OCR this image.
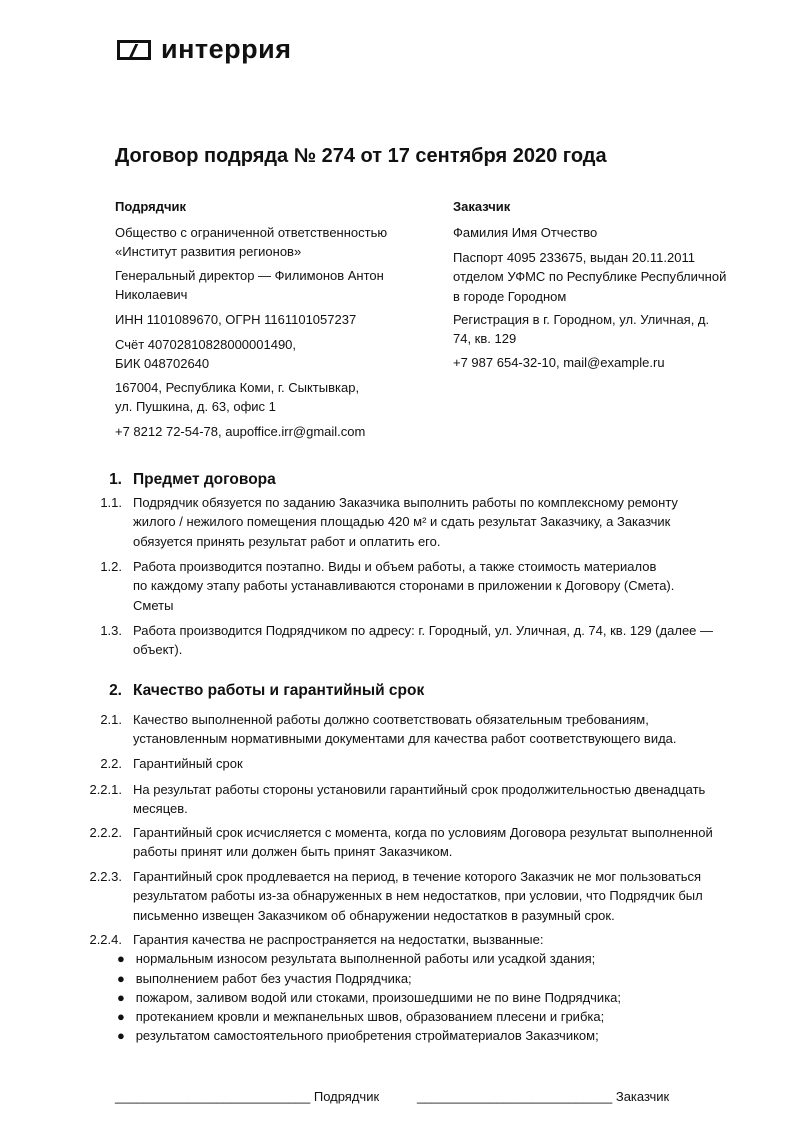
интеррия
Договор подряда № 274 от 17 сентября 2020 года
Подрядчик
Общество с ограниченной ответственностью
«Институт развития регионов»
Генеральный директор — Филимонов Антон
Николаевич
ИНН 1101089670, ОГРН 1161101057237
Счёт 40702810828000001490,
БИК 048702640
167004, Республика Коми, г. Сыктывкар,
ул. Пушкина, д. 63, офис 1
+7 8212 72-54-78, aupoffice.irr@gmail.com
Заказчик
Фамилия Имя Отчество
Паспорт 4095 233675, выдан 20.11.2011
отделом УФМС по Республике Республичной
в городе Городном
Регистрация в г. Городном, ул. Уличная, д.
74, кв. 129
+7 987 654-32-10, mail@example.ru
1. Предмет договора
1.1. Подрядчик обязуется по заданию Заказчика выполнить работы по комплексному ремонту
жилого / нежилого помещения площадью 420 м² и сдать результат Заказчику, а Заказчик
обязуется принять результат работ и оплатить его.
1.2. Работа производится поэтапно. Виды и объем работы, а также стоимость материалов
по каждому этапу работы устанавливаются сторонами в приложении к Договору (Смета).
Сметы
1.3. Работа производится Подрядчиком по адресу: г. Городный, ул. Уличная, д. 74, кв. 129 (далее —
объект).
2. Качество работы и гарантийный срок
2.1. Качество выполненной работы должно соответствовать обязательным требованиям,
установленным нормативными документами для качества работ соответствующего вида.
2.2. Гарантийный срок
2.2.1. На результат работы стороны установили гарантийный срок продолжительностью двенадцать
месяцев.
2.2.2. Гарантийный срок исчисляется с момента, когда по условиям Договора результат выполненной
работы принят или должен быть принят Заказчиком.
2.2.3. Гарантийный срок продлевается на период, в течение которого Заказчик не мог пользоваться
результатом работы из-за обнаруженных в нем недостатков, при условии, что Подрядчик был
письменно извещен Заказчиком об обнаружении недостатков в разумный срок.
2.2.4. Гарантия качества не распространяется на недостатки, вызванные:
●   нормальным износом результата выполненной работы или усадкой здания;
●   выполнением работ без участия Подрядчика;
●   пожаром, заливом водой или стоками, произошедшими не по вине Подрядчика;
●   протеканием кровли и межпанельных швов, образованием плесени и грибка;
●   результатом самостоятельного приобретения стройматериалов Заказчиком;
___________________________ Подрядчик	___________________________ Заказчик
